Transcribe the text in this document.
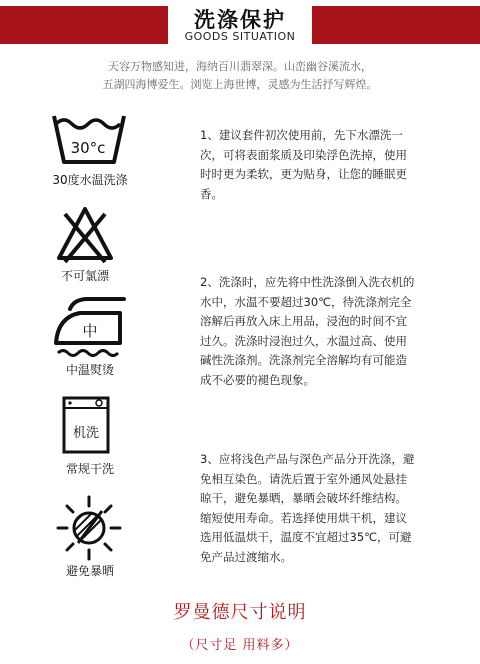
洗涤保护
GOODS SITUATION
天容万物感知进，海纳百川翡翠深。山峦幽谷溪流水，
五湖四海博爱生。浏览上海世博，灵感为生活抒写辉煌。
30°c
30度水温洗涤
不可氯漂
中
中温熨烫
机洗
常规干洗
避免暴晒
1、建议套件初次使用前，先下水漂洗一
次，可将表面浆质及印染浮色洗掉，使用
时时更为柔软，更为贴身，让您的睡眠更
香。
2、洗涤时，应先将中性洗涤倒入洗衣机的
水中，水温不要超过30℃，待洗涤剂完全
溶解后再放入床上用品，浸泡的时间不宜
过久。洗涤时浸泡过久，水温过高、使用
碱性洗涤剂。洗涤剂完全溶解均有可能造
成不必要的褪色现象。
3、应将浅色产品与深色产品分开洗涤，避
免相互染色。请洗后置于室外通风处悬挂
晾干，避免暴晒，暴晒会破坏纤维结构。
缩短使用寿命。若选择使用烘干机，建议
选用低温烘干，温度不宜超过35℃，可避
免产品过渡缩水。
罗曼德尺寸说明
（尺寸足 用料多）
